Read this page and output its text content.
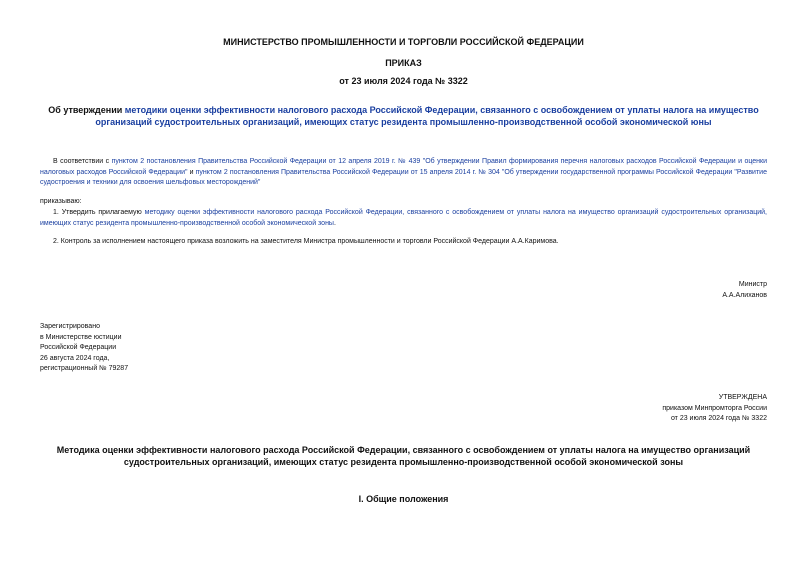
МИНИСТЕРСТВО ПРОМЫШЛЕННОСТИ И ТОРГОВЛИ РОССИЙСКОЙ ФЕДЕРАЦИИ
ПРИКАЗ
от 23 июля 2024 года № 3322
Об утверждении методики оценки эффективности налогового расхода Российской Федерации, связанного с освобождением от уплаты налога на имущество организаций судостроительных организаций, имеющих статус резидента промышленно-производственной особой экономической юны
В соответствии с пунктом 2 постановления Правительства Российской Федерации от 12 апреля 2019 г. № 439 "Об утверждении Правил формирования перечня налоговых расходов Российской Федерации и оценки налоговых расходов Российской Федерации" и пунктом 2 постановления Правительства Российской Федерации от 15 апреля 2014 г. № 304 "Об утверждении государственной программы Российской Федерации "Развитие судостроения и техники для освоения шельфовых месторождений"
приказываю:
1. Утвердить прилагаемую методику оценки эффективности налогового расхода Российской Федерации, связанного с освобождением от уплаты налога на имущество организаций судостроительных организаций, имеющих статус резидента промышленно-производственной особой экономической зоны.
2. Контроль за исполнением настоящего приказа возложить на заместителя Министра промышленности и торговли Российской Федерации А.А.Каримова.
Министр
А.А.Алиханов
Зарегистрировано
в Министерстве юстиции
Российской Федерации
26 августа 2024 года,
регистрационный № 79287
УТВЕРЖДЕНА
приказом Минпромторга России
от 23 июля 2024 года № 3322
Методика оценки эффективности налогового расхода Российской Федерации, связанного с освобождением от уплаты налога на имущество организаций судостроительных организаций, имеющих статус резидента промышленно-производственной особой экономической зоны
I. Общие положения
